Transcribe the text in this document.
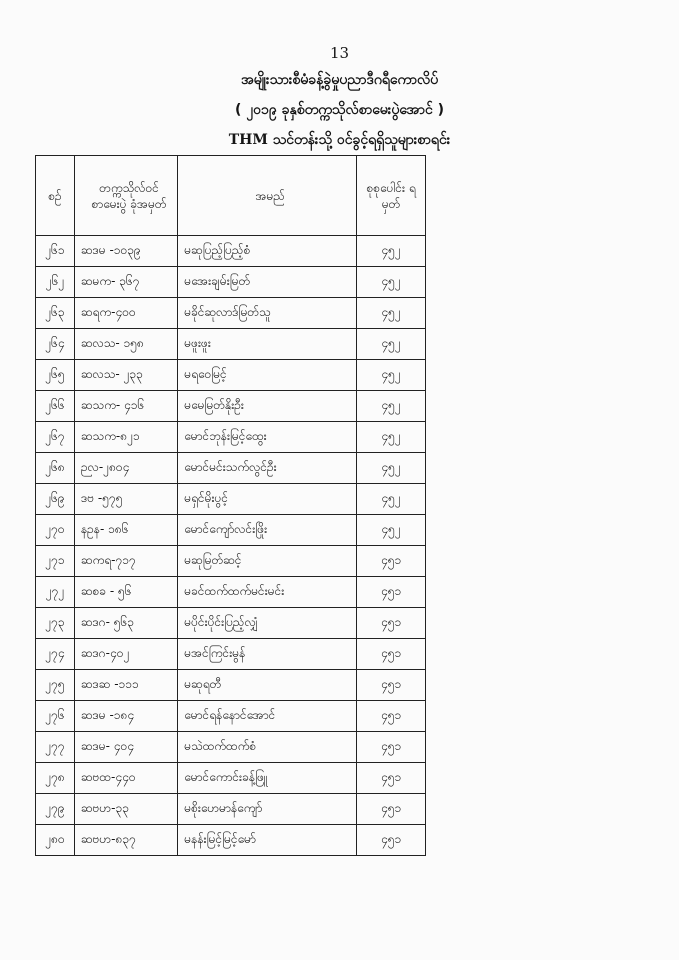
13
အမျိုးသားစီမံခန့်ခွဲမှုပညာဒီဂရီကောလိပ်
( ၂၀၁၉ ခုနှစ်တက္ကသိုလ်စာမေးပွဲအောင် )
THM သင်တန်းသို့ ဝင်ခွင့်ရရှိသူများစာရင်း
စဉ်	တက္ကသိုလ်ဝင် စာမေးပွဲ ခုံအမှတ်	အမည်	စုစုပေါင်း ရမှတ်
၂၆၁	ဆဒမ -၁၀၃၉	မဆုပြည့်ပြည့်စံ	၄၅၂
၂၆၂	ဆမက- ၃၆၇	မအေးချမ်းမြတ်	၄၅၂
၂၆၃	ဆရက-၄၀၀	မခိုင်ဆုလာဒ်မြတ်သူ	၄၅၂
၂၆၄	ဆလသ- ၁၅၈	မဖူးဖူး	၄၅၂
၂၆၅	ဆလသ- ၂၃၃	မရဝေမြင့်	၄၅၂
၂၆၆	ဆသက- ၄၁၆	မမေမြတ်နိုးဦး	၄၅၂
၂၆၇	ဆသက-၈၂၁	မောင်ဘုန်းမြင့်ထွေး	၄၅၂
၂၆၈	ဉလ-၂၈၀၄	မောင်မင်းသက်လွင်ဦး	၄၅၂
၂၆၉	ဒဗ -၅၇၅	မရှင်မိုးပွင့်	၄၅၂
၂၇၀	နဥန- ၁၈၆	မောင်ကျော်လင်းဖြိုး	၄၅၂
၂၇၁	ဆကရ-၇၁၇	မဆုမြတ်ဆင့်	၄၅၁
၂၇၂	ဆစခ - ၅၆	မခင်ထက်ထက်မင်းမင်း	၄၅၁
၂၇၃	ဆဒဂ- ၅၆၃	မပိုင်းပိုင်းပြည့်လျှံ	၄၅၁
၂၇၄	ဆဒဂ-၄၀၂	မအင်ကြင်းမွန်	၄၅၁
၂၇၅	ဆဒဆ -၁၁၁	မဆုရတီ	၄၅၁
၂၇၆	ဆဒမ -၁၈၄	မောင်ရန်နောင်အောင်	၄၅၁
၂၇၇	ဆဒမ- ၄၀၄	မသဲထက်ထက်စံ	၄၅၁
၂၇၈	ဆဗထ-၄၄၀	မောင်ကောင်းခန့်ဖြူ	၄၅၁
၂၇၉	ဆဗဟ-၃၃	မစိုးဟေမာန်ကျော်	၄၅၁
၂၈၀	ဆဗဟ-၈၃၇	မနန်းမြင့်မြင့်မော်	၄၅၁
